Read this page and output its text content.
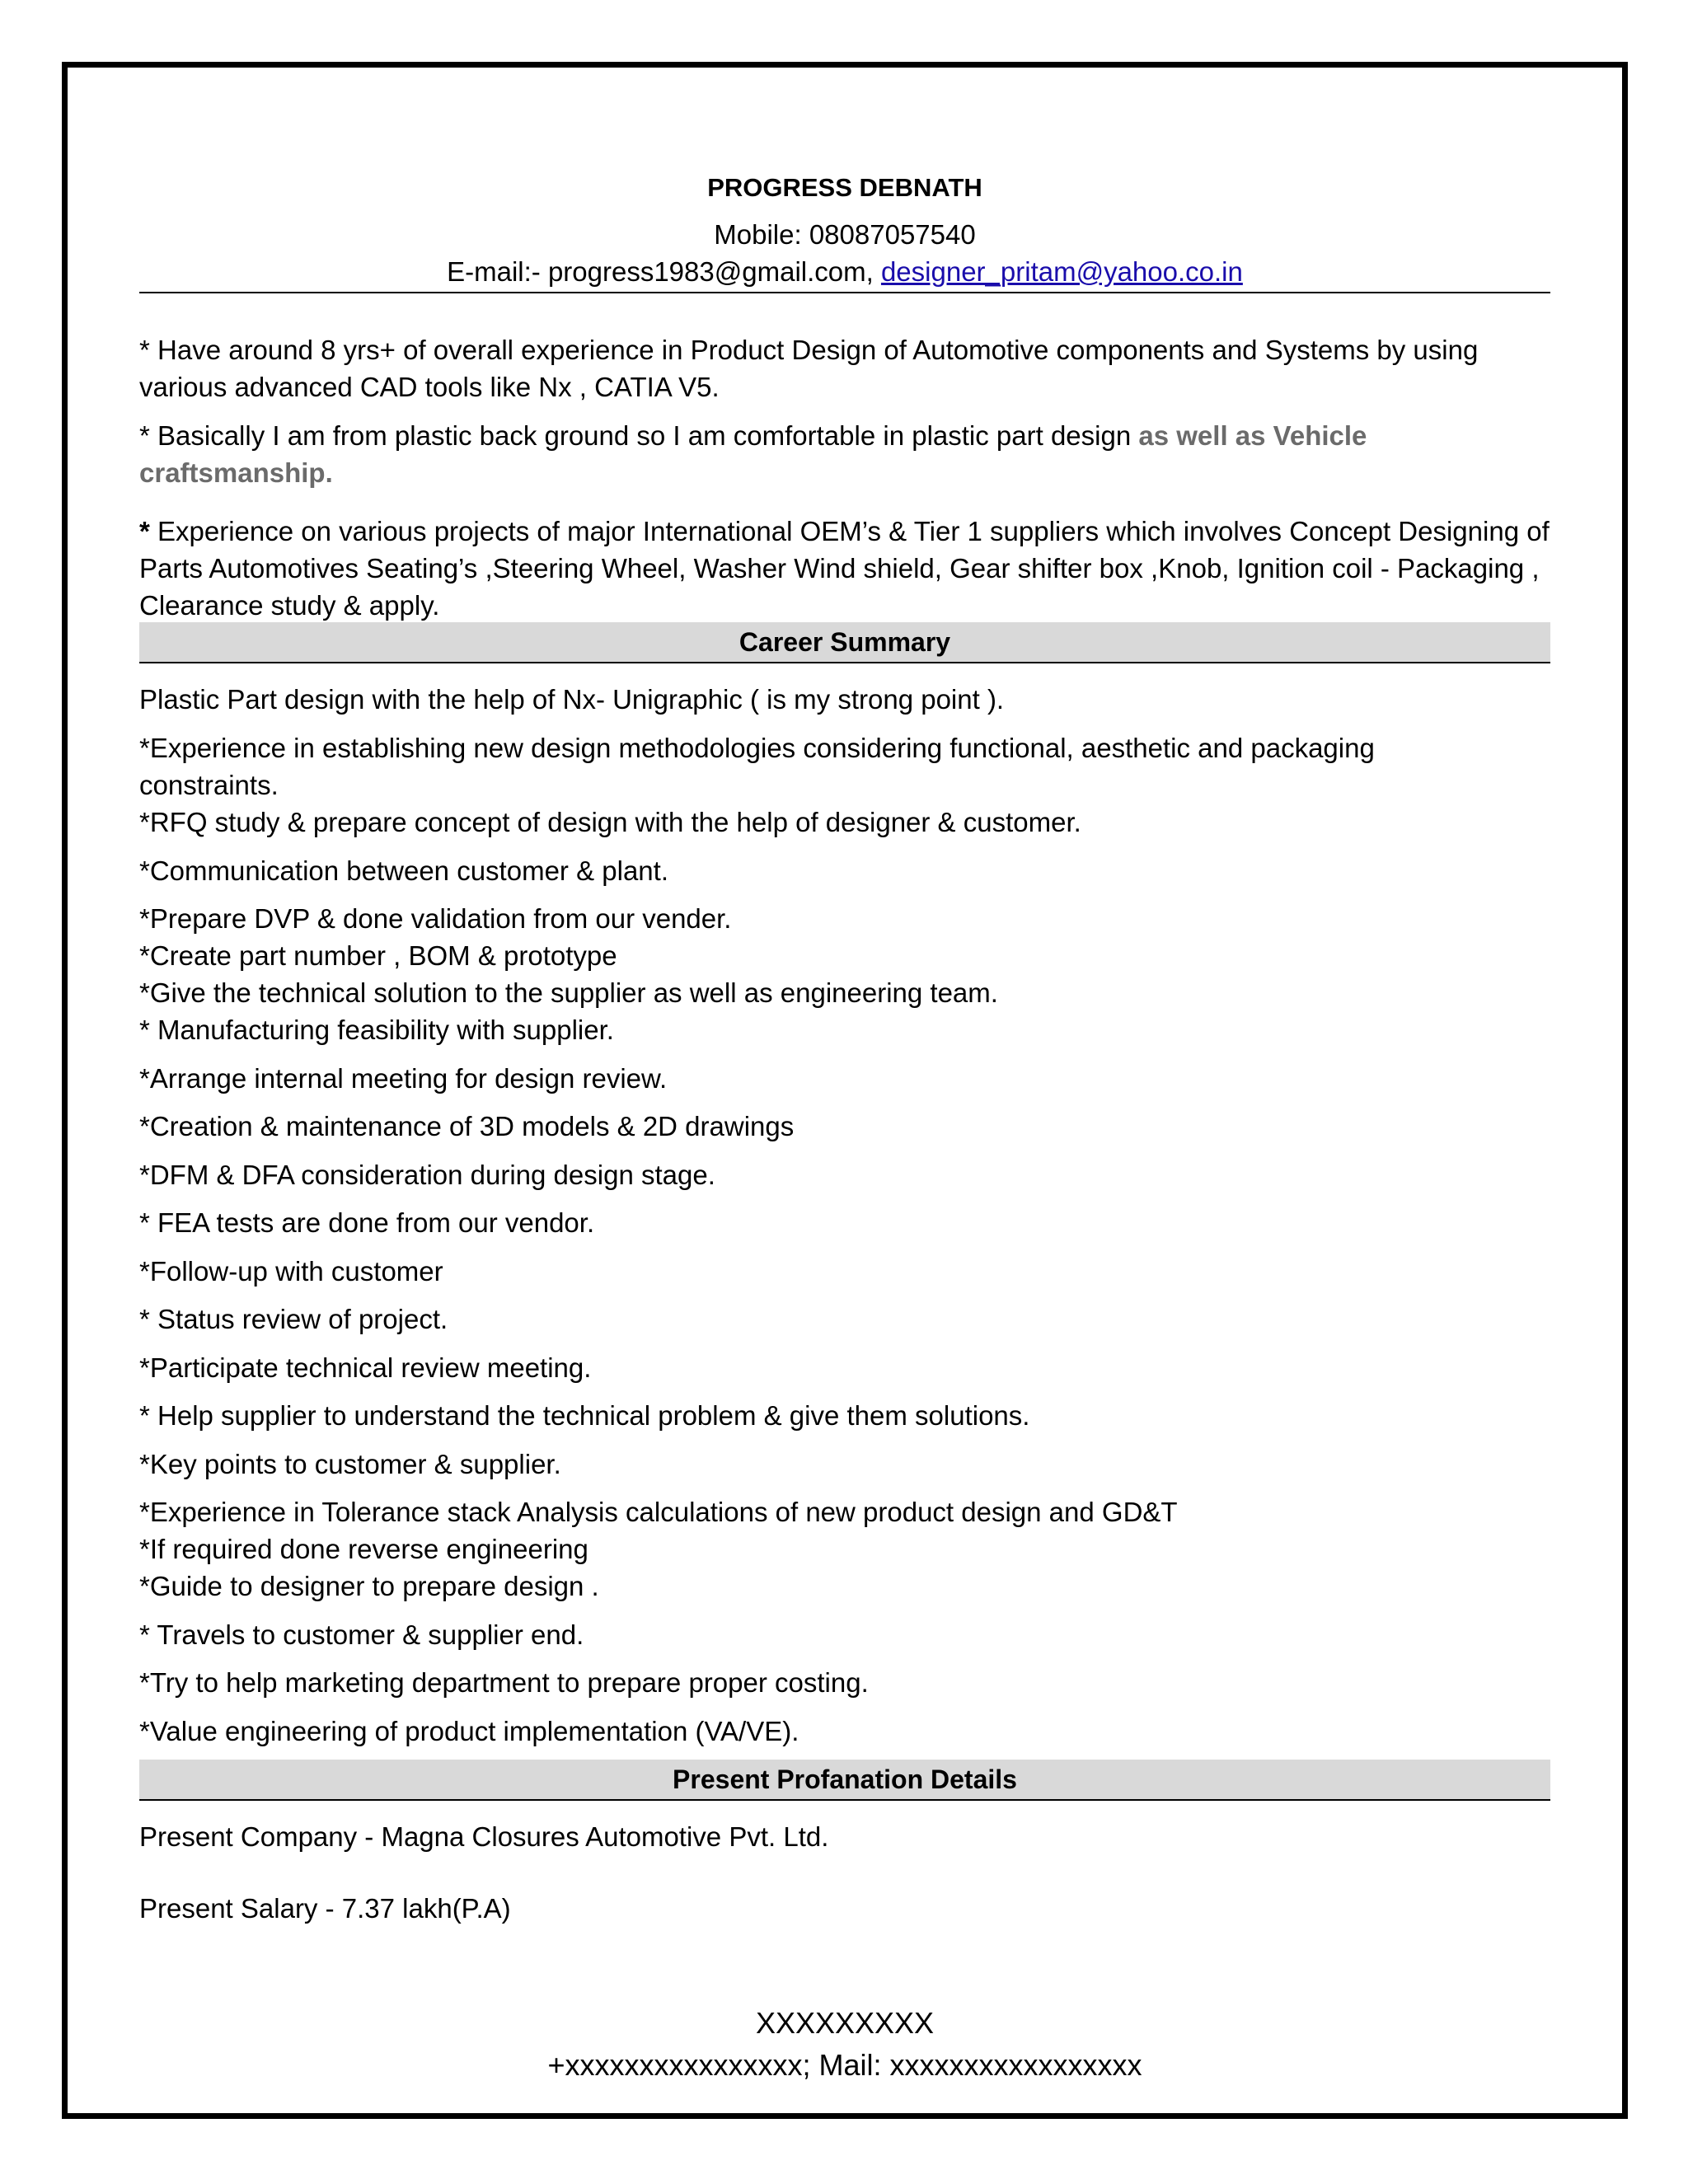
PROGRESS DEBNATH
Mobile: 08087057540
E-mail:- progress1983@gmail.com, designer_pritam@yahoo.co.in
* Have around 8 yrs+ of overall experience in Product Design of Automotive components and Systems by using various advanced CAD tools like Nx , CATIA V5.
* Basically I am from plastic back ground so I am comfortable in plastic part design as well as Vehicle craftsmanship.
* Experience on various projects of major International OEM’s & Tier 1 suppliers which involves Concept Designing of Parts Automotives Seating’s ,Steering Wheel, Washer Wind shield, Gear shifter box ,Knob, Ignition coil - Packaging , Clearance study & apply.
Career Summary
Plastic Part design with the help of Nx- Unigraphic ( is my strong point ).
*Experience in establishing new design methodologies considering functional, aesthetic and packaging
constraints.
*RFQ study & prepare concept of design with the help of designer & customer.
*Communication between customer & plant.
*Prepare DVP & done validation from our vender.
*Create part number , BOM & prototype
*Give the technical solution to the supplier as well as engineering team.
* Manufacturing feasibility with supplier.
*Arrange internal meeting for design review.
*Creation & maintenance of 3D models & 2D drawings
*DFM & DFA consideration during design stage.
* FEA tests are done from our vendor.
*Follow-up with customer
* Status review of project.
*Participate technical review meeting.
* Help supplier to understand the technical problem & give them solutions.
*Key points to customer & supplier.
*Experience in Tolerance stack Analysis calculations of new product design and GD&T
*If required done reverse engineering
*Guide to designer to prepare design .
* Travels to customer & supplier end.
*Try to help marketing department to prepare proper costing.
*Value engineering of product implementation (VA/VE).
Present Profanation Details
Present Company - Magna Closures Automotive Pvt. Ltd.
Present Salary - 7.37 lakh(P.A)
XXXXXXXXX
+xxxxxxxxxxxxxxxx; Mail: xxxxxxxxxxxxxxxxx
